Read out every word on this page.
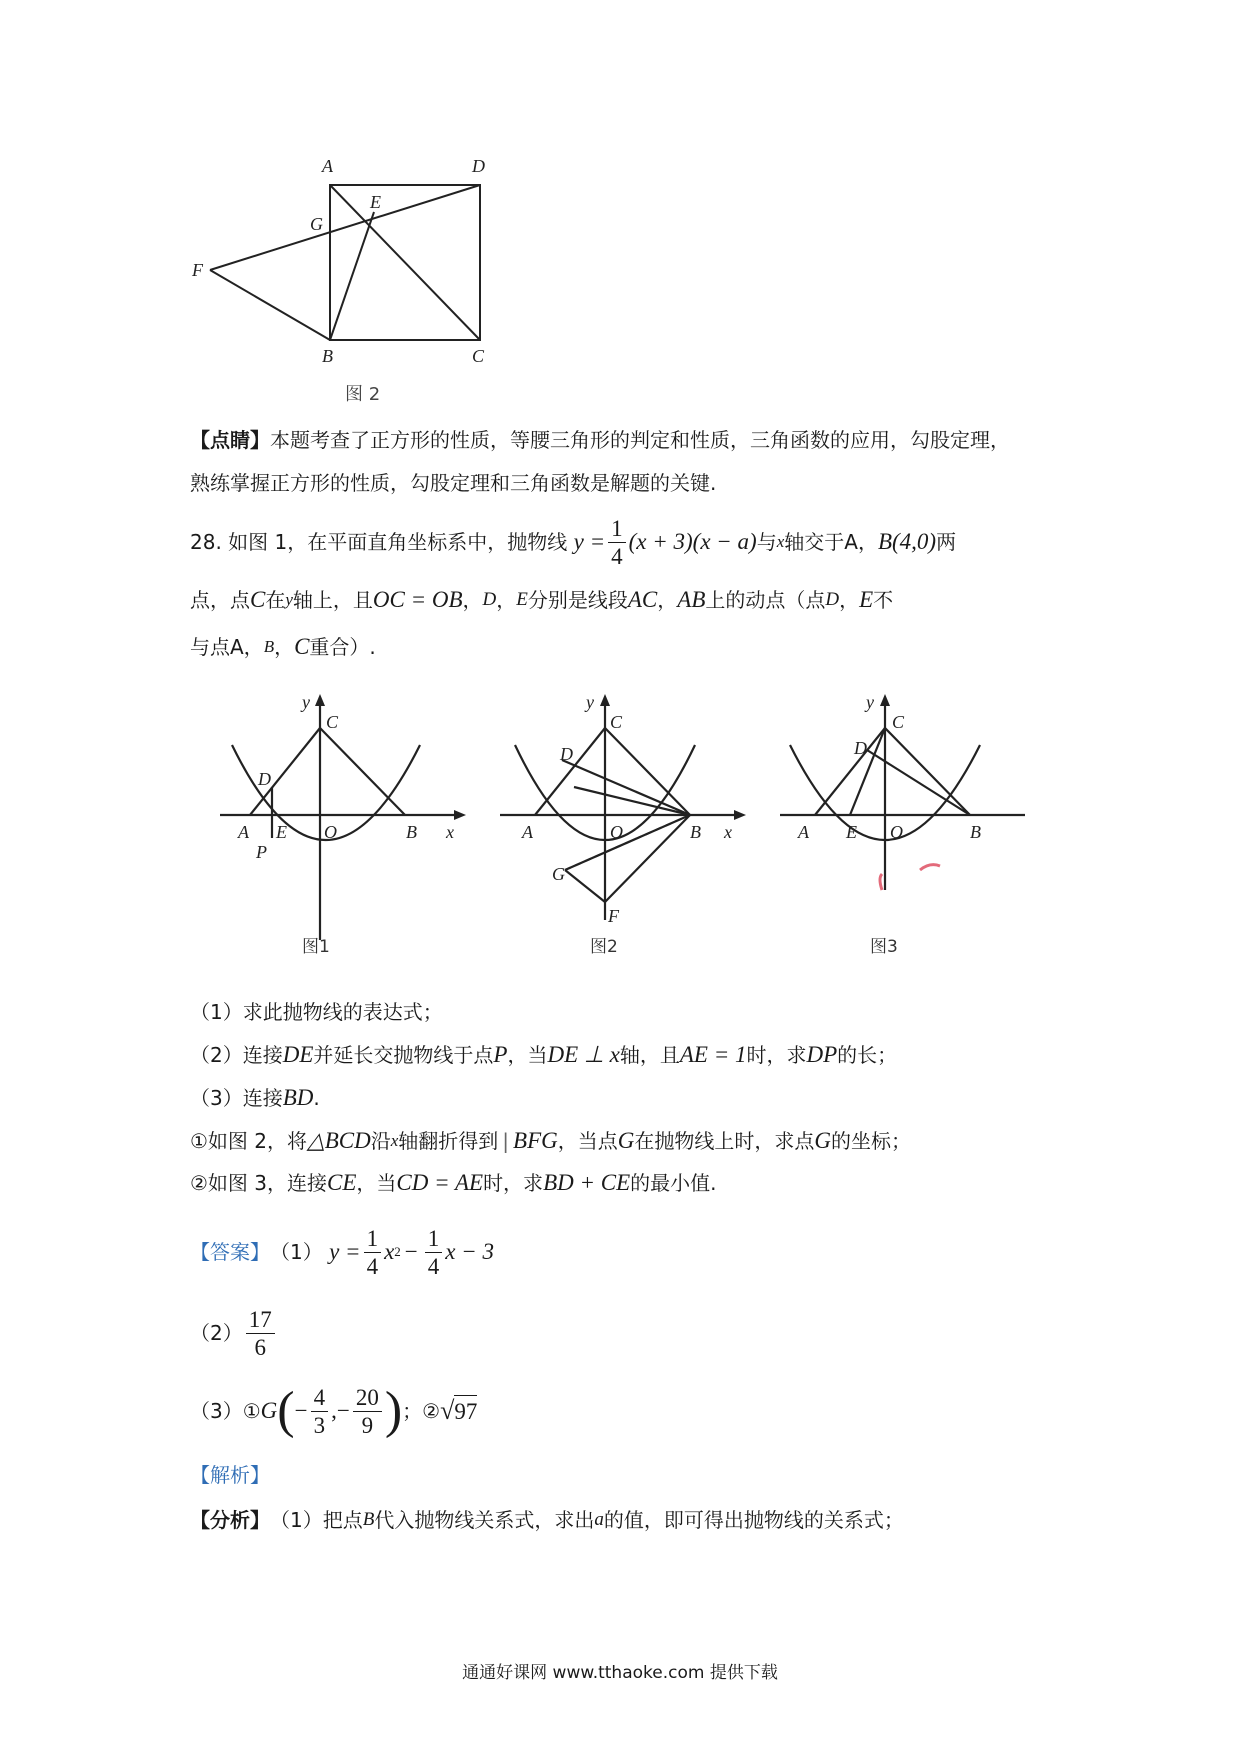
A	D
E
G
F
B	C
图 2
【点睛】本题考查了正方形的性质，等腰三角形的判定和性质，三角函数的应用，勾股定理，
熟练掌握正方形的性质，勾股定理和三角函数是解题的关键.
28.
如图 1，在平面直角坐标系中，抛物线
$y = \frac{1}{4} (x + 3)(x - a)$ 与 x 轴交于A， B(4,0) 两
点，点 C 在 y 轴上，且 OC = OB ， D ， E 分别是线段 AC ， AB 上的动点（点 D ， E 不
与点A， B ， C 重合）.
y
C
D
A E O	B x
P
图1
y
C
D
A	O	B x
G
F
图2
y
C
D
A E O	B
图3
（1）求此抛物线的表达式；
（2）连接 DE 并延长交抛物线于点 P ，当 DE ⊥ x 轴，且 AE = 1 时，求 DP 的长；
（3）连接 BD .
①如图 2，将 △BCD 沿 x 轴翻折得到 | BFG ，当点 G 在抛物线上时，求点 G 的坐标；
②如图 3，连接 CE ，当 CD = AE 时，求 BD + CE 的最小值.
【答案】 （1）
$y = \frac{1}{4}$ x $2 - \frac{1}{4}$ x − 3
$(2) \frac{17}{6}$
（3）① G ( − $\frac{4}{3}$ ,− $\frac{20}{9}$ ) ；② √ 97
【解析】
【分析】 （1）把点 B 代入抛物线关系式，求出 a 的值，即可得出抛物线的关系式；
通通好课网 www.tthaoke.com 提供下载
